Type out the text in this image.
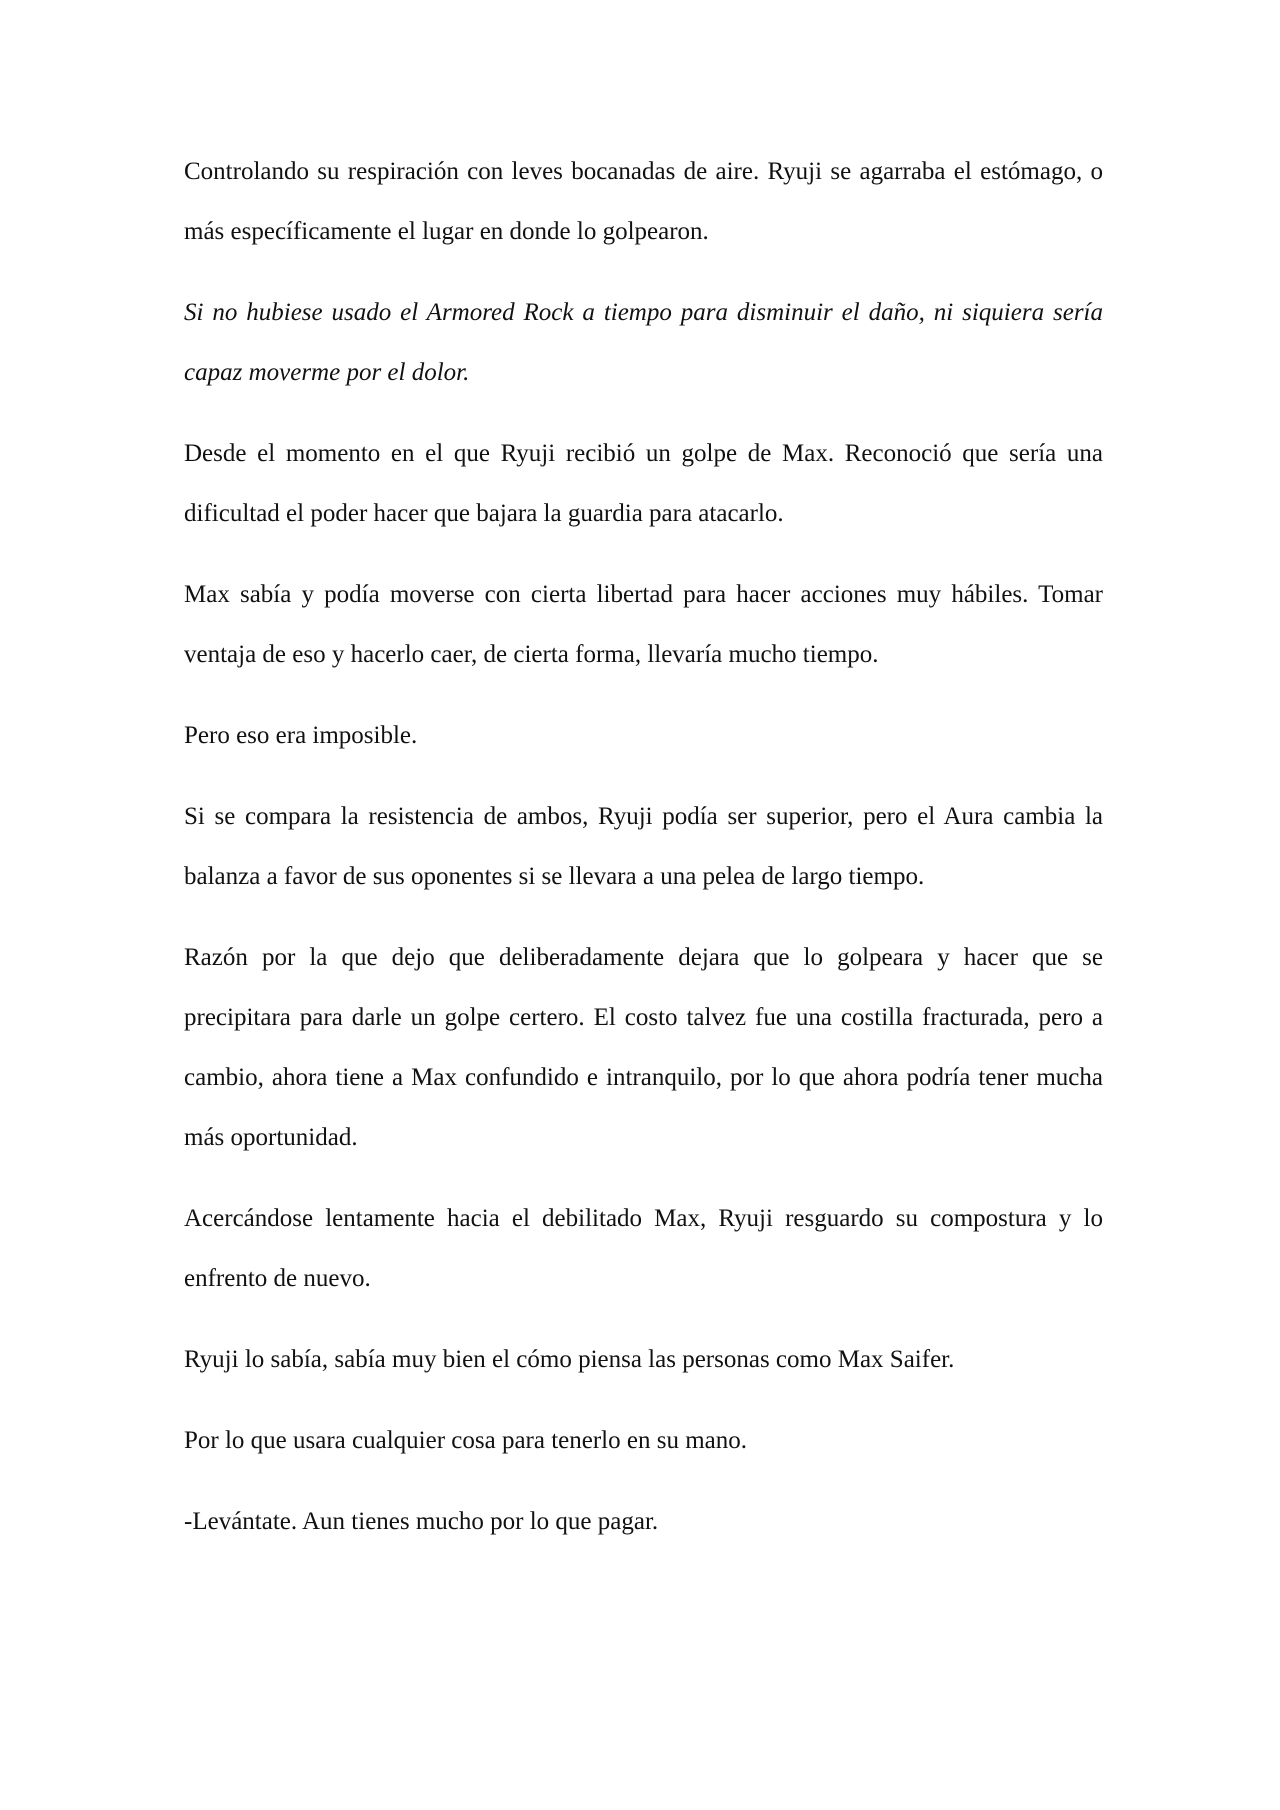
Controlando su respiración con leves bocanadas de aire. Ryuji se agarraba el estómago, o más específicamente el lugar en donde lo golpearon.

Si no hubiese usado el Armored Rock a tiempo para disminuir el daño, ni siquiera sería capaz moverme por el dolor.

Desde el momento en el que Ryuji recibió un golpe de Max. Reconoció que sería una dificultad el poder hacer que bajara la guardia para atacarlo.

Max sabía y podía moverse con cierta libertad para hacer acciones muy hábiles. Tomar ventaja de eso y hacerlo caer, de cierta forma, llevaría mucho tiempo.

Pero eso era imposible.

Si se compara la resistencia de ambos, Ryuji podía ser superior, pero el Aura cambia la balanza a favor de sus oponentes si se llevara a una pelea de largo tiempo.

Razón por la que dejo que deliberadamente dejara que lo golpeara y hacer que se precipitara para darle un golpe certero. El costo talvez fue una costilla fracturada, pero a cambio, ahora tiene a Max confundido e intranquilo, por lo que ahora podría tener mucha más oportunidad.

Acercándose lentamente hacia el debilitado Max, Ryuji resguardo su compostura y lo enfrento de nuevo.

Ryuji lo sabía, sabía muy bien el cómo piensa las personas como Max Saifer.

Por lo que usara cualquier cosa para tenerlo en su mano.

-Levántate. Aun tienes mucho por lo que pagar.
